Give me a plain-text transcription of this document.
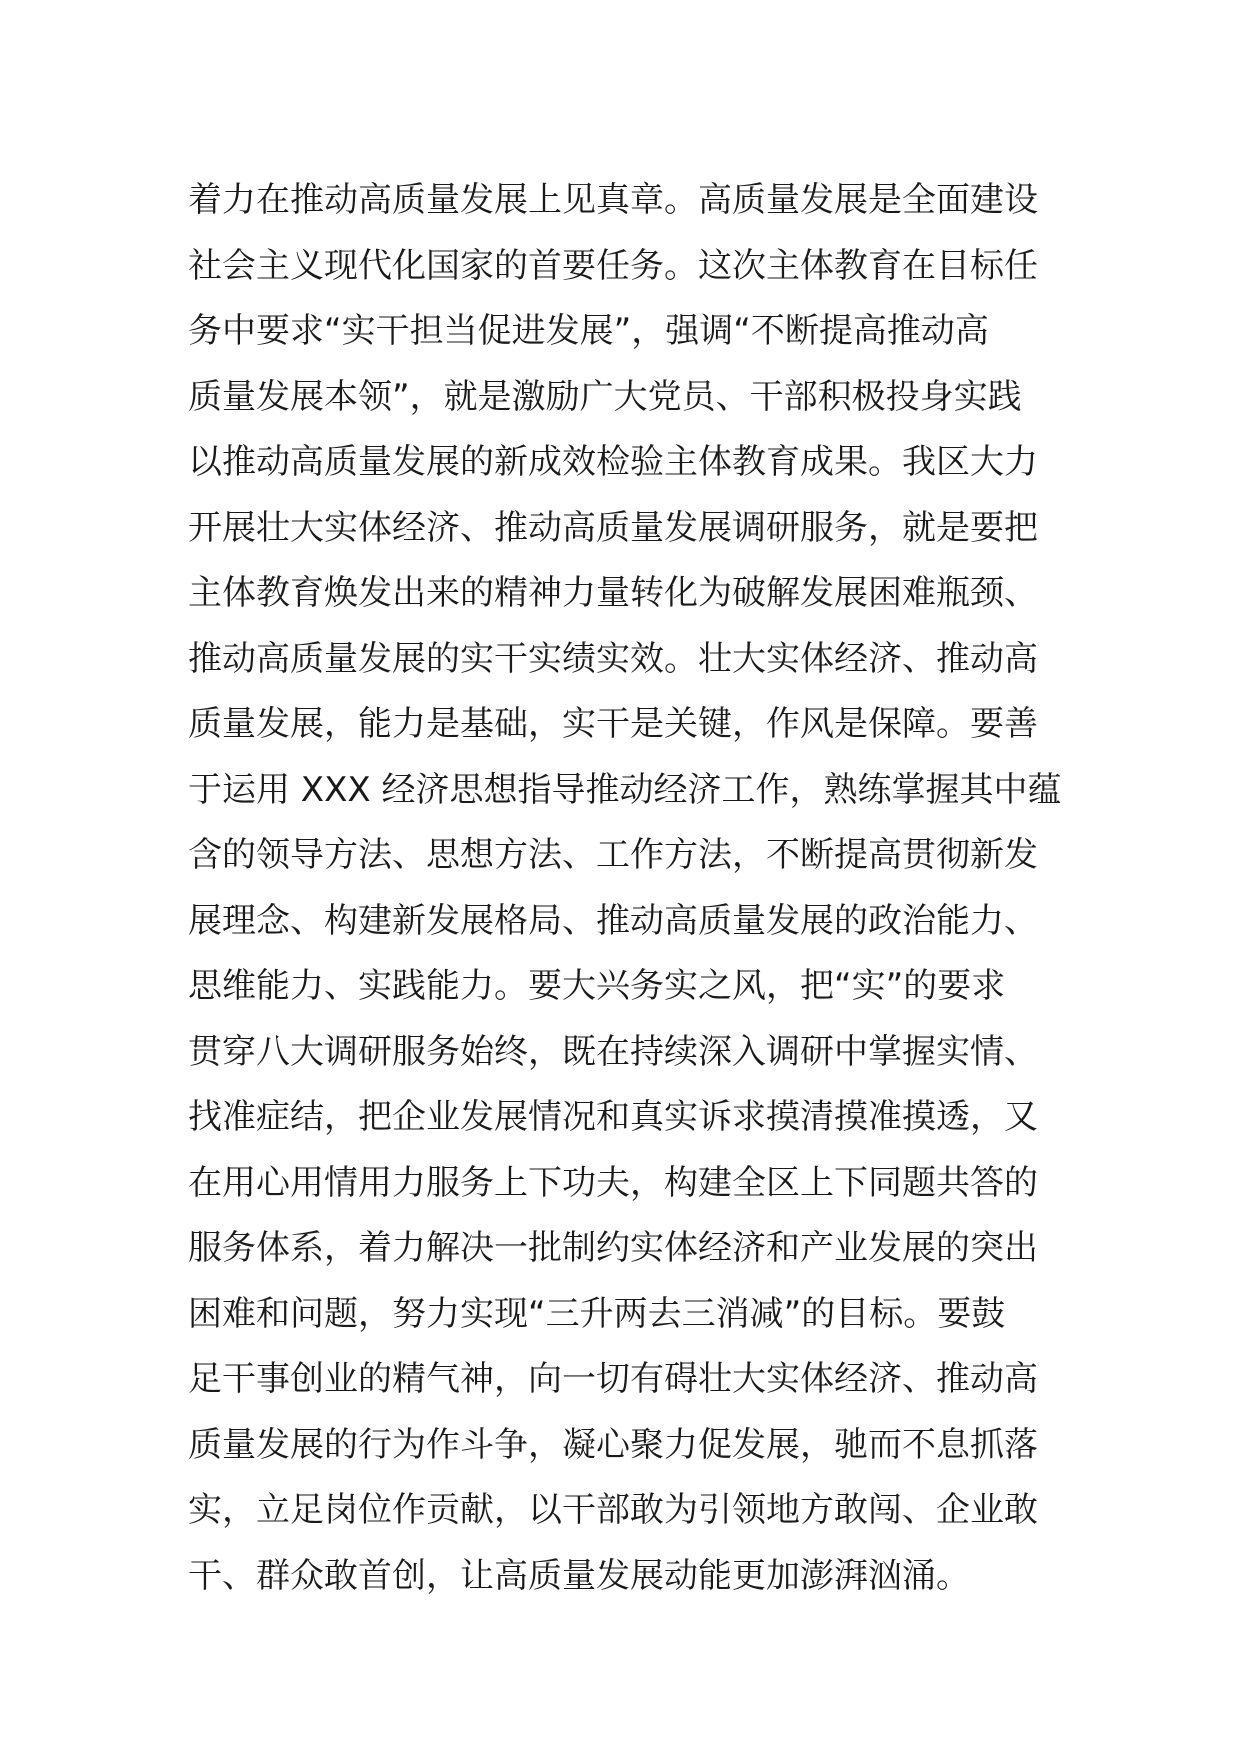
着力在推动高质量发展上见真章。高质量发展是全面建设
社会主义现代化国家的首要任务。这次主体教育在目标任
务中要求“实干担当促进发展”，强调“不断提高推动高
质量发展本领”，就是激励广大党员、干部积极投身实践
以推动高质量发展的新成效检验主体教育成果。我区大力
开展壮大实体经济、推动高质量发展调研服务，就是要把
主体教育焕发出来的精神力量转化为破解发展困难瓶颈、
推动高质量发展的实干实绩实效。壮大实体经济、推动高
质量发展，能力是基础，实干是关键，作风是保障。要善
于运用 XXX 经济思想指导推动经济工作，熟练掌握其中蕴
含的领导方法、思想方法、工作方法，不断提高贯彻新发
展理念、构建新发展格局、推动高质量发展的政治能力、
思维能力、实践能力。要大兴务实之风，把“实”的要求
贯穿八大调研服务始终，既在持续深入调研中掌握实情、
找准症结，把企业发展情况和真实诉求摸清摸准摸透，又
在用心用情用力服务上下功夫，构建全区上下同题共答的
服务体系，着力解决一批制约实体经济和产业发展的突出
困难和问题，努力实现“三升两去三消减”的目标。要鼓
足干事创业的精气神，向一切有碍壮大实体经济、推动高
质量发展的行为作斗争，凝心聚力促发展，驰而不息抓落
实，立足岗位作贡献，以干部敢为引领地方敢闯、企业敢
干、群众敢首创，让高质量发展动能更加澎湃汹涌。
